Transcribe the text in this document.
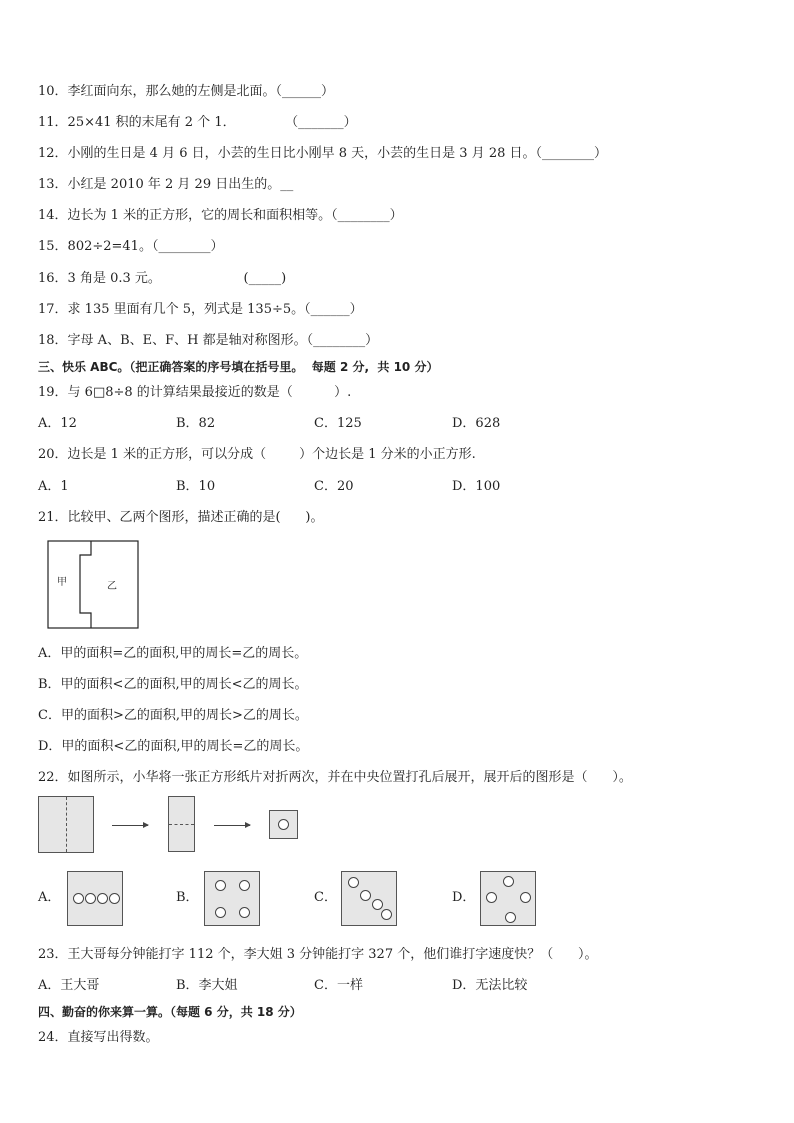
10．李红面向东，那么她的左侧是北面。（______）
11．25×41 积的末尾有 2 个 1．            （_______）
12．小刚的生日是 4 月 6 日，小芸的生日比小刚早 8 天，小芸的生日是 3 月 28 日。（________）
13．小红是 2010 年 2 月 29 日出生的。__
14．边长为 1 米的正方形，它的周长和面积相等。（________）
15．802÷2=41。（________）
16．3 角是 0.3 元。                    (_____)
17．求 135 里面有几个 5，列式是 135÷5。（______）
18．字母 A、B、E、F、H 都是轴对称图形。（________）
三、快乐 ABC。（把正确答案的序号填在括号里。  每题 2 分,  共 10 分）
19．与 6□8÷8 的计算结果最接近的数是（          ）.
A．12	B．82	C．125	D．628
20．边长是 1 米的正方形，可以分成（        ）个边长是 1 分米的小正方形.
A．1	B．10	C．20	D．100
21．比较甲、乙两个图形，描述正确的是(      )。
甲	乙
A．甲的面积=乙的面积,甲的周长=乙的周长。
B．甲的面积<乙的面积,甲的周长<乙的周长。
C．甲的面积>乙的面积,甲的周长>乙的周长。
D．甲的面积<乙的面积,甲的周长=乙的周长。
22．如图所示，小华将一张正方形纸片对折两次，并在中央位置打孔后展开，展开后的图形是（      ）。
A．	B．	C．	D．
23．王大哥每分钟能打字 112 个，李大姐 3 分钟能打字 327 个，他们谁打字速度快？（      ）。
A．王大哥	B．李大姐	C．一样	D．无法比较
四、勤奋的你来算一算。（每题 6 分，共 18 分）
24．直接写出得数。
